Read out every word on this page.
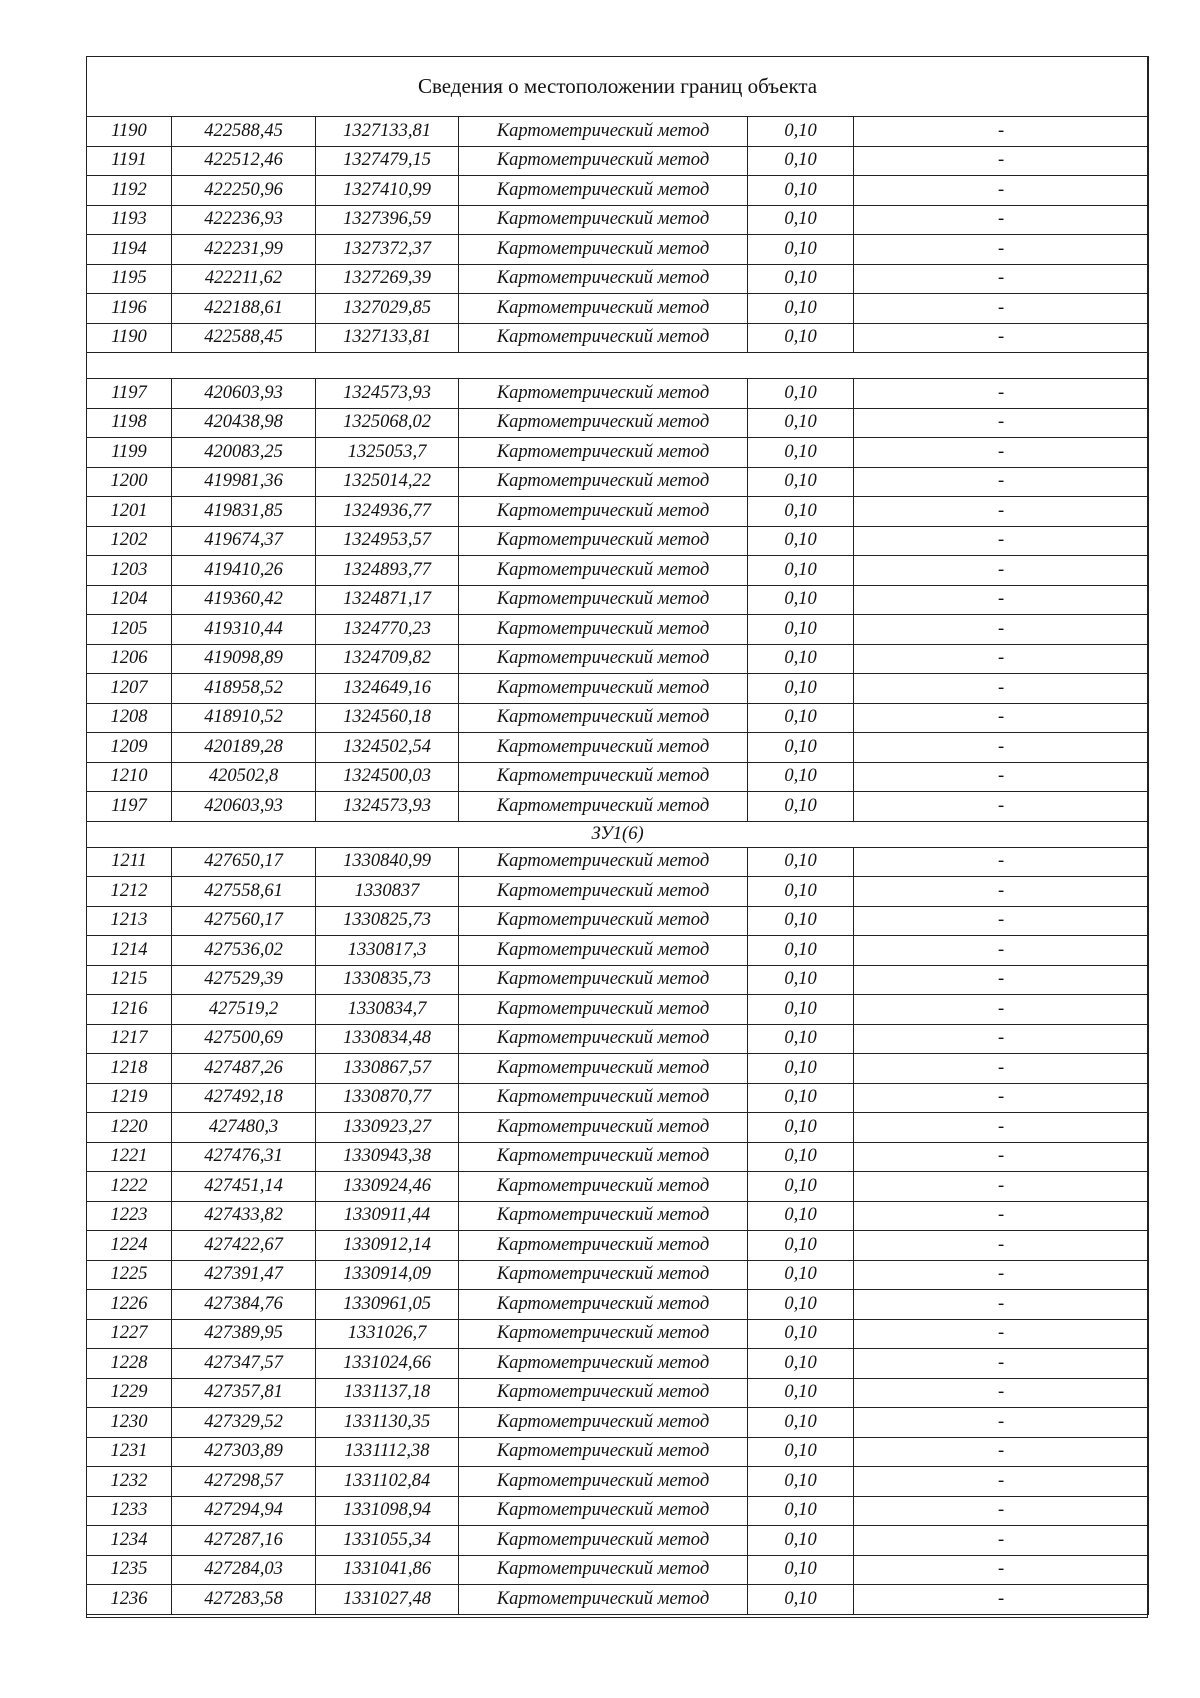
Сведения о местоположении границ объекта					
1190	422588,45	1327133,81	Картометрический метод	0,10	-
1191	422512,46	1327479,15	Картометрический метод	0,10	-
1192	422250,96	1327410,99	Картометрический метод	0,10	-
1193	422236,93	1327396,59	Картометрический метод	0,10	-
1194	422231,99	1327372,37	Картометрический метод	0,10	-
1195	422211,62	1327269,39	Картометрический метод	0,10	-
1196	422188,61	1327029,85	Картометрический метод	0,10	-
1190	422588,45	1327133,81	Картометрический метод	0,10	-

1197	420603,93	1324573,93	Картометрический метод	0,10	-
1198	420438,98	1325068,02	Картометрический метод	0,10	-
1199	420083,25	1325053,7	Картометрический метод	0,10	-
1200	419981,36	1325014,22	Картометрический метод	0,10	-
1201	419831,85	1324936,77	Картометрический метод	0,10	-
1202	419674,37	1324953,57	Картометрический метод	0,10	-
1203	419410,26	1324893,77	Картометрический метод	0,10	-
1204	419360,42	1324871,17	Картометрический метод	0,10	-
1205	419310,44	1324770,23	Картометрический метод	0,10	-
1206	419098,89	1324709,82	Картометрический метод	0,10	-
1207	418958,52	1324649,16	Картометрический метод	0,10	-
1208	418910,52	1324560,18	Картометрический метод	0,10	-
1209	420189,28	1324502,54	Картометрический метод	0,10	-
1210	420502,8	1324500,03	Картометрический метод	0,10	-
1197	420603,93	1324573,93	Картометрический метод	0,10	-
ЗУ1(6)					
1211	427650,17	1330840,99	Картометрический метод	0,10	-
1212	427558,61	1330837	Картометрический метод	0,10	-
1213	427560,17	1330825,73	Картометрический метод	0,10	-
1214	427536,02	1330817,3	Картометрический метод	0,10	-
1215	427529,39	1330835,73	Картометрический метод	0,10	-
1216	427519,2	1330834,7	Картометрический метод	0,10	-
1217	427500,69	1330834,48	Картометрический метод	0,10	-
1218	427487,26	1330867,57	Картометрический метод	0,10	-
1219	427492,18	1330870,77	Картометрический метод	0,10	-
1220	427480,3	1330923,27	Картометрический метод	0,10	-
1221	427476,31	1330943,38	Картометрический метод	0,10	-
1222	427451,14	1330924,46	Картометрический метод	0,10	-
1223	427433,82	1330911,44	Картометрический метод	0,10	-
1224	427422,67	1330912,14	Картометрический метод	0,10	-
1225	427391,47	1330914,09	Картометрический метод	0,10	-
1226	427384,76	1330961,05	Картометрический метод	0,10	-
1227	427389,95	1331026,7	Картометрический метод	0,10	-
1228	427347,57	1331024,66	Картометрический метод	0,10	-
1229	427357,81	1331137,18	Картометрический метод	0,10	-
1230	427329,52	1331130,35	Картометрический метод	0,10	-
1231	427303,89	1331112,38	Картометрический метод	0,10	-
1232	427298,57	1331102,84	Картометрический метод	0,10	-
1233	427294,94	1331098,94	Картометрический метод	0,10	-
1234	427287,16	1331055,34	Картометрический метод	0,10	-
1235	427284,03	1331041,86	Картометрический метод	0,10	-
1236	427283,58	1331027,48	Картометрический метод	0,10	-
